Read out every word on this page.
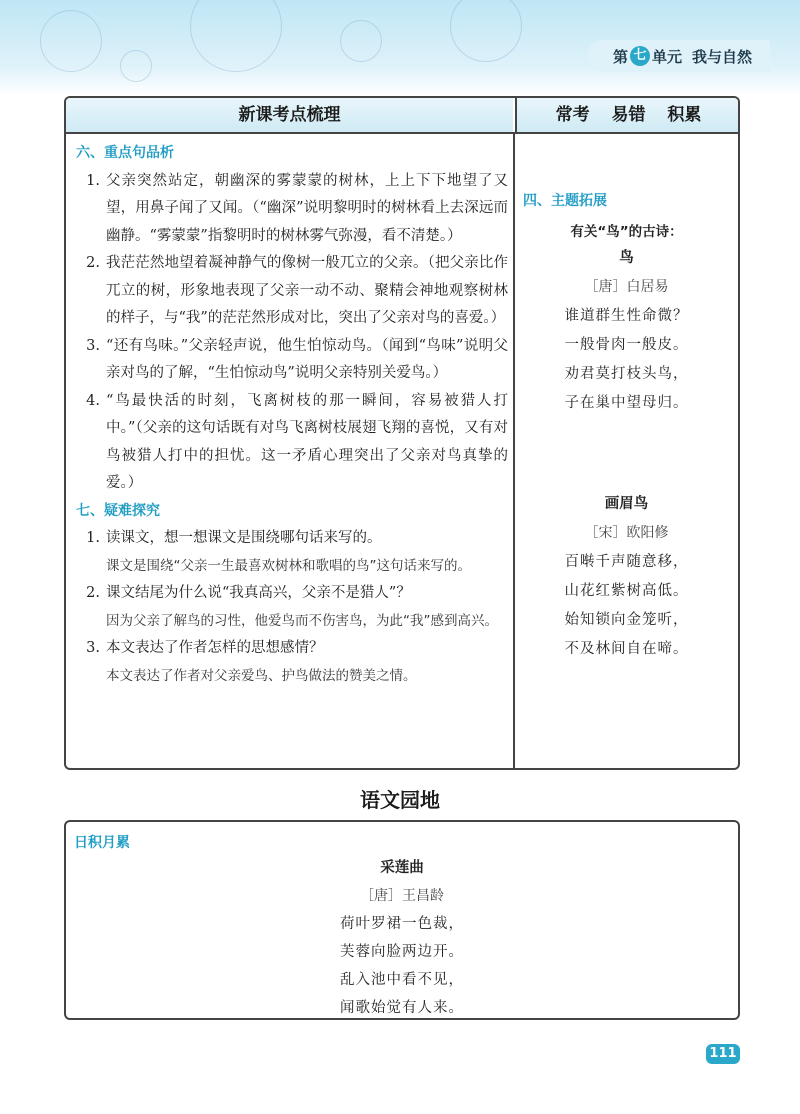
第 七 单元 我与自然
新课考点梳理	常考 易错 积累
六、重点句品析
1. 父亲突然站定，朝幽深的雾蒙蒙的树林，上上下下地望了又望，用鼻子闻了又闻。（“幽深”说明黎明时的树林看上去深远而幽静。“雾蒙蒙”指黎明时的树林雾气弥漫，看不清楚。）
2. 我茫茫然地望着凝神静气的像树一般兀立的父亲。（把父亲比作兀立的树，形象地表现了父亲一动不动、聚精会神地观察树林的样子，与“我”的茫茫然形成对比，突出了父亲对鸟的喜爱。）
3. “还有鸟味。”父亲轻声说，他生怕惊动鸟。（闻到“鸟味”说明父亲对鸟的了解，“生怕惊动鸟”说明父亲特别关爱鸟。）
4. “鸟最快活的时刻，飞离树枝的那一瞬间，容易被猎人打中。”（父亲的这句话既有对鸟飞离树枝展翅飞翔的喜悦，又有对鸟被猎人打中的担忧。这一矛盾心理突出了父亲对鸟真挚的爱。）
七、疑难探究
1. 读课文，想一想课文是围绕哪句话来写的。
课文是围绕“父亲一生最喜欢树林和歌唱的鸟”这句话来写的。
2. 课文结尾为什么说“我真高兴，父亲不是猎人”？
因为父亲了解鸟的习性，他爱鸟而不伤害鸟，为此“我”感到高兴。
3. 本文表达了作者怎样的思想感情？
本文表达了作者对父亲爱鸟、护鸟做法的赞美之情。
四、主题拓展
有关“鸟”的古诗：
鸟
［唐］白居易
谁道群生性命微？
一般骨肉一般皮。
劝君莫打枝头鸟，
子在巢中望母归。
画眉鸟
［宋］欧阳修
百啭千声随意移，
山花红紫树高低。
始知锁向金笼听，
不及林间自在啼。
语文园地
日积月累
采莲曲
［唐］王昌龄
荷叶罗裙一色裁，
芙蓉向脸两边开。
乱入池中看不见，
闻歌始觉有人来。
111
